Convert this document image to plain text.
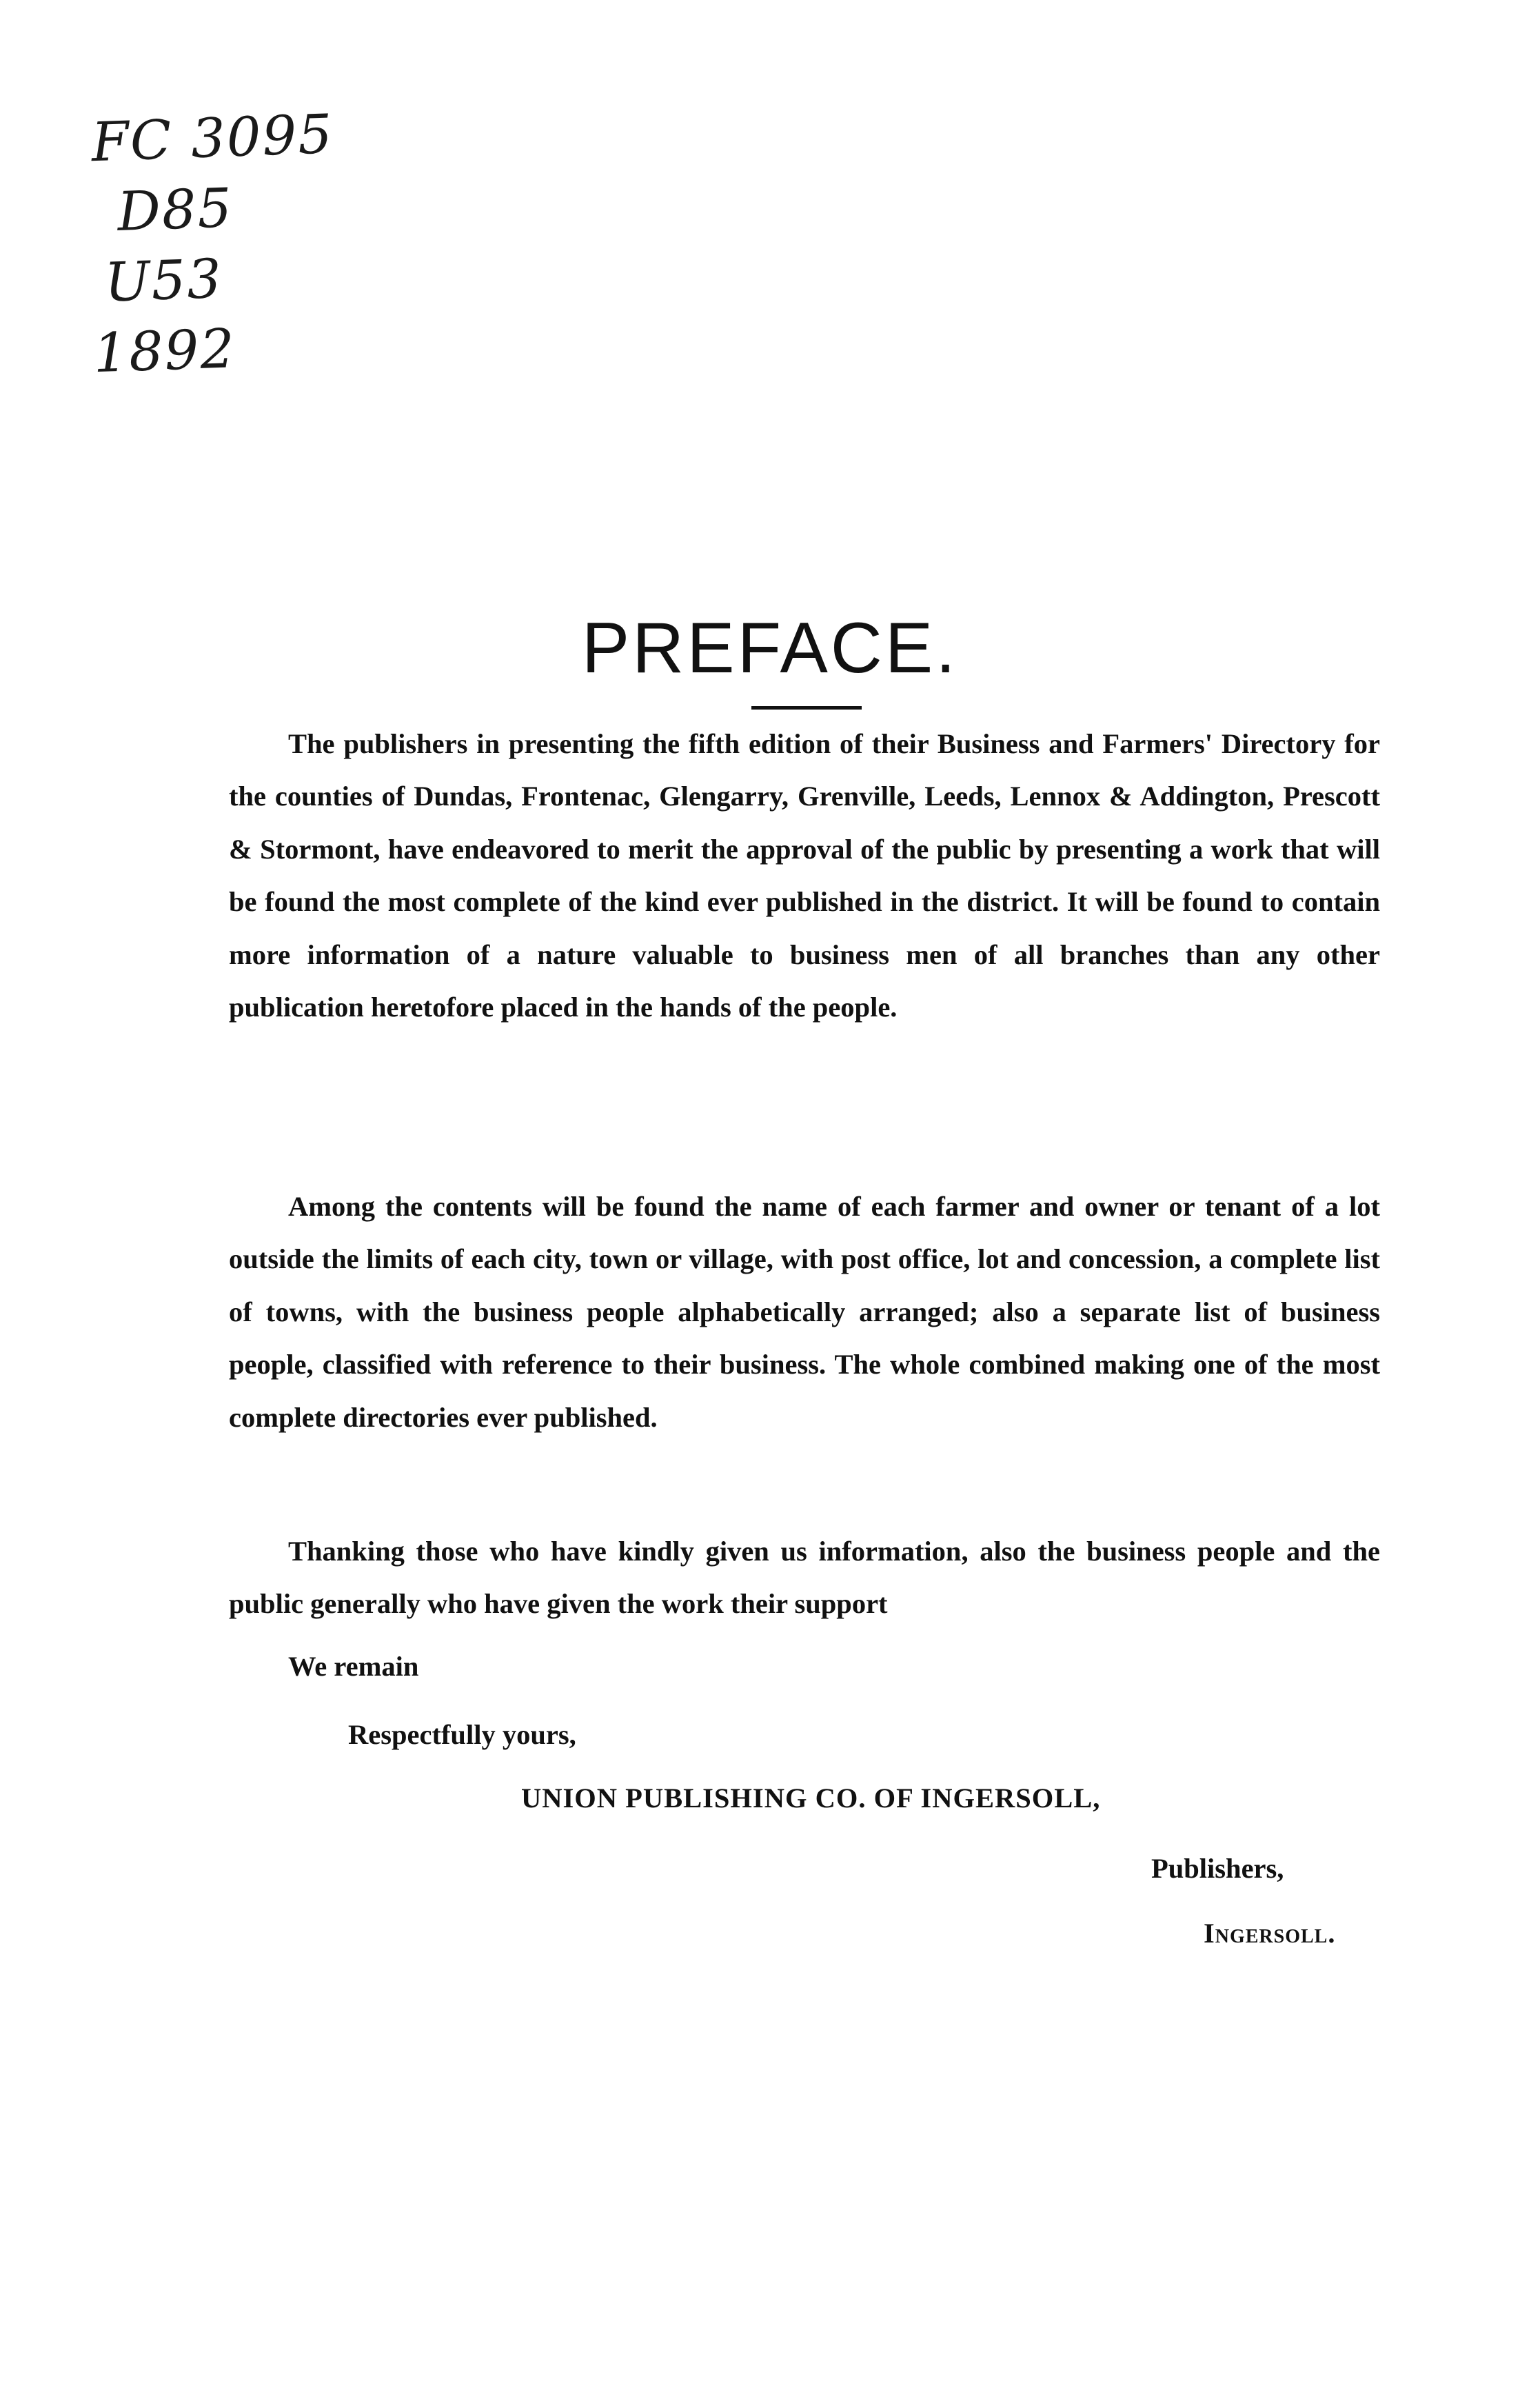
FC 3095
D85
U53
1892
PREFACE.

The publishers in presenting the fifth edition of their Business and Farmers' Directory for the counties of Dundas, Frontenac, Glengarry, Grenville, Leeds, Lennox & Addington, Prescott & Stormont, have endeavored to merit the approval of the public by presenting a work that will be found the most complete of the kind ever published in the district. It will be found to contain more information of a nature valuable to business men of all branches than any other publication heretofore placed in the hands of the people.

Among the contents will be found the name of each farmer and owner or tenant of a lot outside the limits of each city, town or village, with post office, lot and concession, a complete list of towns, with the business people alphabetically arranged; also a separate list of business people, classified with reference to their business. The whole combined making one of the most complete directories ever published.

Thanking those who have kindly given us information, also the business people and the public generally who have given the work their support

We remain

Respectfully yours,

UNION PUBLISHING CO. OF INGERSOLL,

Publishers,

Ingersoll.
